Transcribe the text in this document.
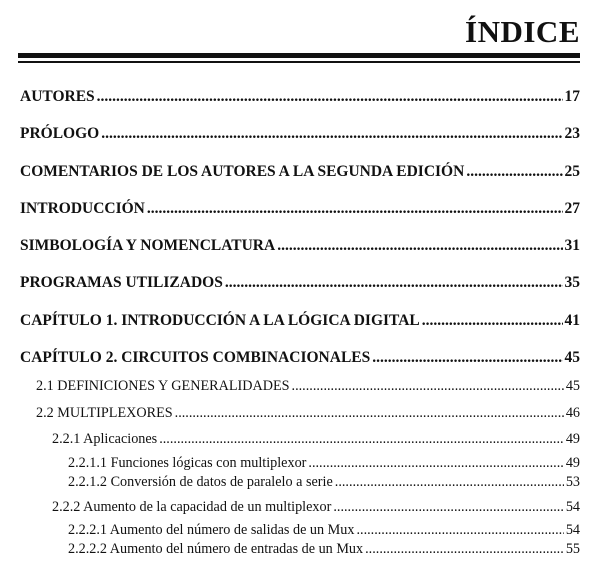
ÍNDICE
AUTORES .....	17
PRÓLOGO .....	23
COMENTARIOS DE LOS AUTORES A LA SEGUNDA EDICIÓN .....	25
INTRODUCCIÓN .....	27
SIMBOLOGÍA Y NOMENCLATURA .....	31
PROGRAMAS UTILIZADOS .....	35
CAPÍTULO 1. INTRODUCCIÓN A LA LÓGICA DIGITAL .....	41
CAPÍTULO 2. CIRCUITOS COMBINACIONALES .....	45
2.1 DEFINICIONES Y GENERALIDADES .....	45
2.2 MULTIPLEXORES .....	46
2.2.1 Aplicaciones .....	49
2.2.1.1 Funciones lógicas con multiplexor .....	49
2.2.1.2 Conversión de datos de paralelo a serie .....	53
2.2.2 Aumento de la capacidad de un multiplexor .....	54
2.2.2.1 Aumento del número de salidas de un Mux .....	54
2.2.2.2 Aumento del número de entradas de un Mux .....	55
